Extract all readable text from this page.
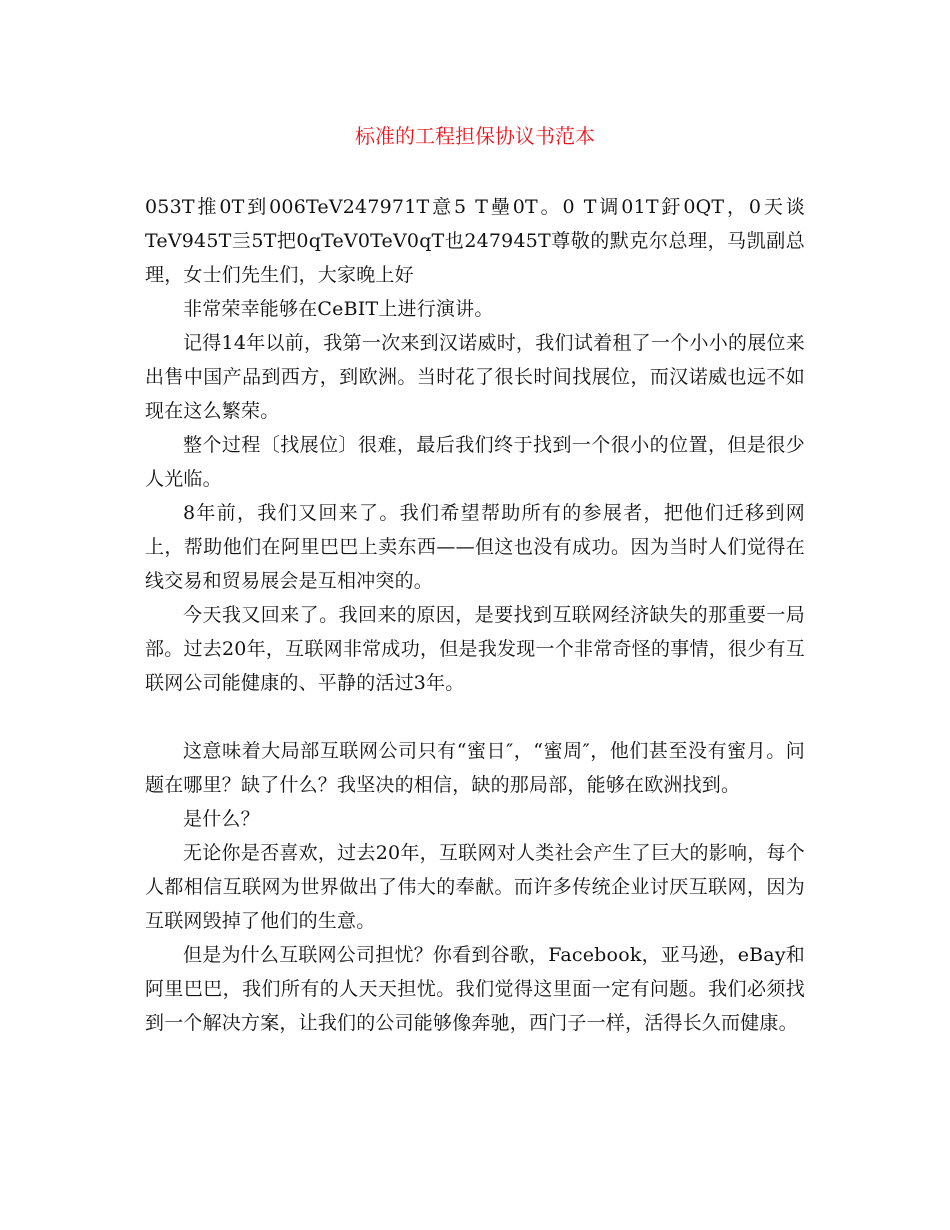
标准的工程担保协议书范本

053T推0T到006TeV247971T意5 T壘0T。0 T调01T釪0QT，0天谈TeV945T亖5T把0qTeV0TeV0qT也247945T尊敬的默克尔总理，马凯副总理，女士们先生们，大家晚上好

非常荣幸能够在CeBIT上进行演讲。

记得14年以前，我第一次来到汉诺威时，我们试着租了一个小小的展位来出售中国产品到西方，到欧洲。当时花了很长时间找展位，而汉诺威也远不如现在这么繁荣。

整个过程〔找展位〕很难，最后我们终于找到一个很小的位置，但是很少人光临。

8年前，我们又回来了。我们希望帮助所有的参展者，把他们迁移到网上，帮助他们在阿里巴巴上卖东西——但这也没有成功。因为当时人们觉得在线交易和贸易展会是互相冲突的。

今天我又回来了。我回来的原因，是要找到互联网经济缺失的那重要一局部。过去20年，互联网非常成功，但是我发现一个非常奇怪的事情，很少有互联网公司能健康的、平静的活过3年。

这意味着大局部互联网公司只有“蜜日″，“蜜周″，他们甚至没有蜜月。问题在哪里？缺了什么？我坚决的相信，缺的那局部，能够在欧洲找到。

是什么？

无论你是否喜欢，过去20年，互联网对人类社会产生了巨大的影响，每个人都相信互联网为世界做出了伟大的奉献。而许多传统企业讨厌互联网，因为互联网毁掉了他们的生意。

但是为什么互联网公司担忧？你看到谷歌，Facebook，亚马逊，eBay和阿里巴巴，我们所有的人天天担忧。我们觉得这里面一定有问题。我们必须找到一个解决方案，让我们的公司能够像奔驰，西门子一样，活得长久而健康。
